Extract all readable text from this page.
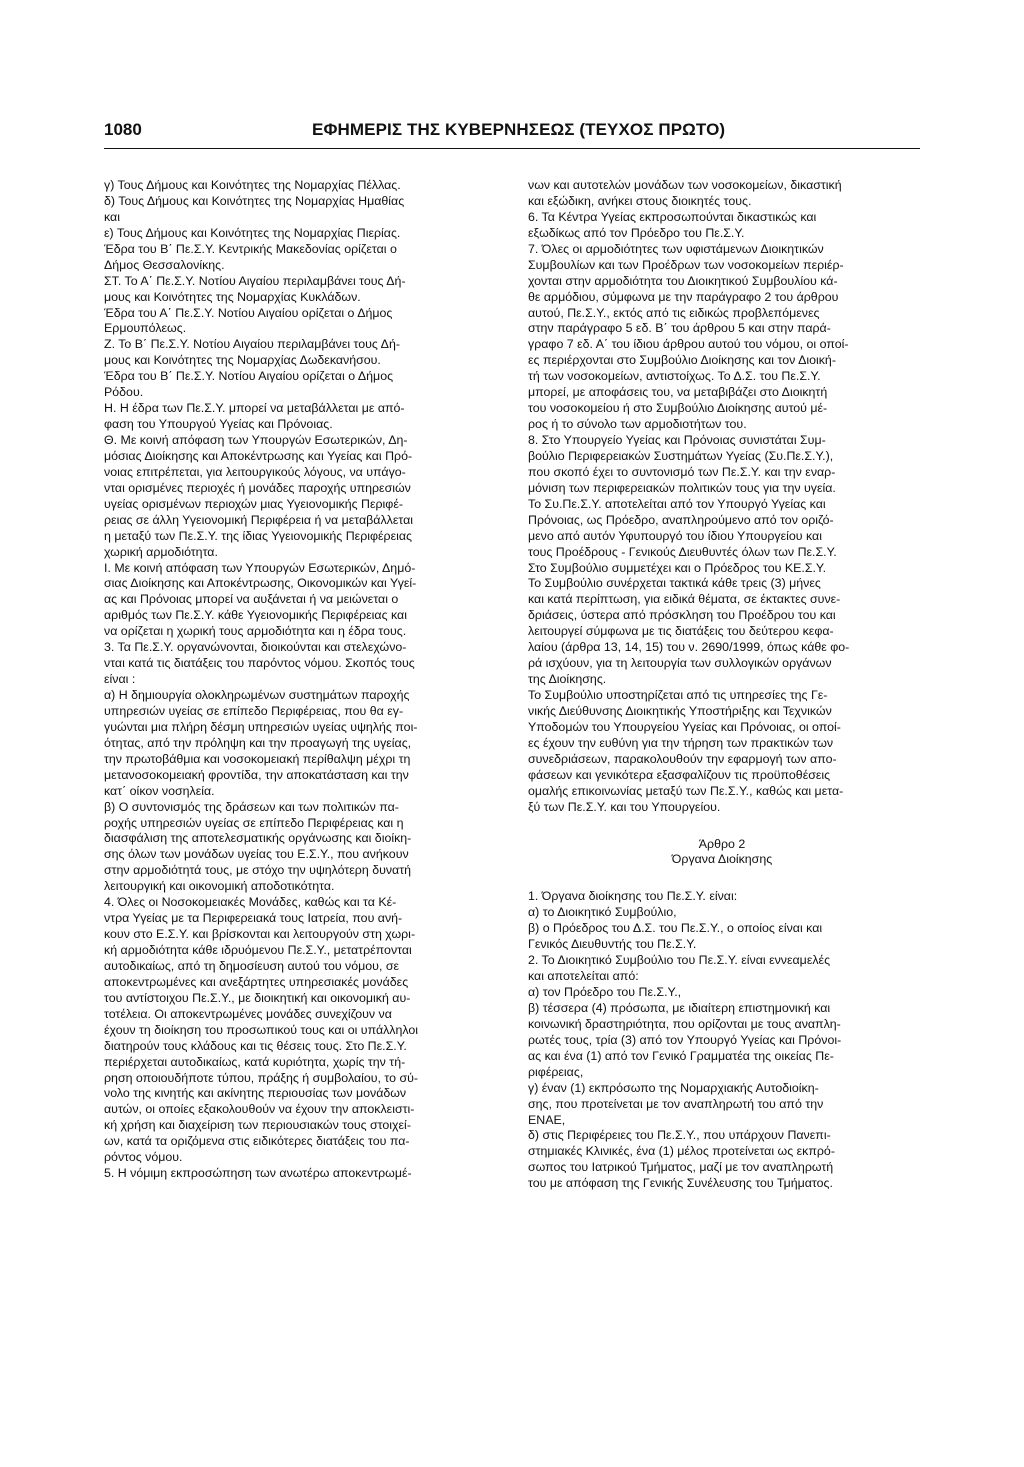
1080	ΕΦΗΜΕΡΙΣ ΤΗΣ ΚΥΒΕΡΝΗΣΕΩΣ (ΤΕΥΧΟΣ ΠΡΩΤΟ)
γ) Τους Δήμους και Κοινότητες της Νομαρχίας Πέλλας.
δ) Τους Δήμους και Κοινότητες της Νομαρχίας Ημαθίας
και
ε) Τους Δήμους και Κοινότητες της Νομαρχίας Πιερίας.
Έδρα του Β΄ Πε.Σ.Υ. Κεντρικής Μακεδονίας ορίζεται ο
Δήμος Θεσσαλονίκης.
ΣΤ. Το Α΄ Πε.Σ.Υ. Νοτίου Αιγαίου περιλαμβάνει τους Δή-
μους και Κοινότητες της Νομαρχίας Κυκλάδων.
Έδρα του Α΄ Πε.Σ.Υ. Νοτίου Αιγαίου ορίζεται ο Δήμος
Ερμουπόλεως.
Ζ. Το Β΄ Πε.Σ.Υ. Νοτίου Αιγαίου περιλαμβάνει τους Δή-
μους και Κοινότητες της Νομαρχίας Δωδεκανήσου.
Έδρα του Β΄ Πε.Σ.Υ. Νοτίου Αιγαίου ορίζεται ο Δήμος
Ρόδου.
Η. Η έδρα των Πε.Σ.Υ. μπορεί να μεταβάλλεται με από-
φαση του Υπουργού Υγείας και Πρόνοιας.
Θ. Με κοινή απόφαση των Υπουργών Εσωτερικών, Δη-
μόσιας Διοίκησης και Αποκέντρωσης και Υγείας και Πρό-
νοιας επιτρέπεται, για λειτουργικούς λόγους, να υπάγο-
νται ορισμένες περιοχές ή μονάδες παροχής υπηρεσιών
υγείας ορισμένων περιοχών μιας Υγειονομικής Περιφέ-
ρειας σε άλλη Υγειονομική Περιφέρεια ή να μεταβάλλεται
η μεταξύ των Πε.Σ.Υ. της ίδιας Υγειονομικής Περιφέρειας
χωρική αρμοδιότητα.
Ι. Με κοινή απόφαση των Υπουργών Εσωτερικών, Δημό-
σιας Διοίκησης και Αποκέντρωσης, Οικονομικών και Υγεί-
ας και Πρόνοιας μπορεί να αυξάνεται ή να μειώνεται ο
αριθμός των Πε.Σ.Υ. κάθε Υγειονομικής Περιφέρειας και
να ορίζεται η χωρική τους αρμοδιότητα και η έδρα τους.
3. Τα Πε.Σ.Υ. οργανώνονται, διοικούνται και στελεχώνο-
νται κατά τις διατάξεις του παρόντος νόμου. Σκοπός τους
είναι :
α) Η δημιουργία ολοκληρωμένων συστημάτων παροχής
υπηρεσιών υγείας σε επίπεδο Περιφέρειας, που θα εγ-
γυώνται μια πλήρη δέσμη υπηρεσιών υγείας υψηλής ποι-
ότητας, από την πρόληψη και την προαγωγή της υγείας,
την πρωτοβάθμια και νοσοκομειακή περίθαλψη μέχρι τη
μετανοσοκομειακή φροντίδα, την αποκατάσταση και την
κατ΄ οίκον νοσηλεία.
β) Ο συντονισμός της δράσεων και των πολιτικών πα-
ροχής υπηρεσιών υγείας σε επίπεδο Περιφέρειας και η
διασφάλιση της αποτελεσματικής οργάνωσης και διοίκη-
σης όλων των μονάδων υγείας του Ε.Σ.Υ., που ανήκουν
στην αρμοδιότητά τους, με στόχο την υψηλότερη δυνατή
λειτουργική και οικονομική αποδοτικότητα.
4. Όλες οι Νοσοκομειακές Μονάδες, καθώς και τα Κέ-
ντρα Υγείας με τα Περιφερειακά τους Ιατρεία, που ανή-
κουν στο Ε.Σ.Υ. και βρίσκονται και λειτουργούν στη χωρι-
κή αρμοδιότητα κάθε ιδρυόμενου Πε.Σ.Υ., μετατρέπονται
αυτοδικαίως, από τη δημοσίευση αυτού του νόμου, σε
αποκεντρωμένες και ανεξάρτητες υπηρεσιακές μονάδες
του αντίστοιχου Πε.Σ.Υ., με διοικητική και οικονομική αυ-
τοτέλεια. Οι αποκεντρωμένες μονάδες συνεχίζουν να
έχουν τη διοίκηση του προσωπικού τους και οι υπάλληλοι
διατηρούν τους κλάδους και τις θέσεις τους. Στο Πε.Σ.Υ.
περιέρχεται αυτοδικαίως, κατά κυριότητα, χωρίς την τή-
ρηση οποιουδήποτε τύπου, πράξης ή συμβολαίου, το σύ-
νολο της κινητής και ακίνητης περιουσίας των μονάδων
αυτών, οι οποίες εξακολουθούν να έχουν την αποκλειστι-
κή χρήση και διαχείριση των περιουσιακών τους στοιχεί-
ων, κατά τα οριζόμενα στις ειδικότερες διατάξεις του πα-
ρόντος νόμου.
5. Η νόμιμη εκπροσώπηση των ανωτέρω αποκεντρωμέ-
νων και αυτοτελών μονάδων των νοσοκομείων, δικαστική
και εξώδικη, ανήκει στους διοικητές τους.
6. Τα Κέντρα Υγείας εκπροσωπούνται δικαστικώς και
εξωδίκως από τον Πρόεδρο του Πε.Σ.Υ.
7. Όλες οι αρμοδιότητες των υφιστάμενων Διοικητικών
Συμβουλίων και των Προέδρων των νοσοκομείων περιέρ-
χονται στην αρμοδιότητα του Διοικητικού Συμβουλίου κά-
θε αρμόδιου, σύμφωνα με την παράγραφο 2 του άρθρου
αυτού, Πε.Σ.Υ., εκτός από τις ειδικώς προβλεπόμενες
στην παράγραφο 5 εδ. Β΄ του άρθρου 5 και στην παρά-
γραφο 7 εδ. Α΄ του ίδιου άρθρου αυτού του νόμου, οι οποί-
ες περιέρχονται στο Συμβούλιο Διοίκησης και τον Διοική-
τή των νοσοκομείων, αντιστοίχως. Το Δ.Σ. του Πε.Σ.Υ.
μπορεί, με αποφάσεις του, να μεταβιβάζει στο Διοικητή
του νοσοκομείου ή στο Συμβούλιο Διοίκησης αυτού μέ-
ρος ή το σύνολο των αρμοδιοτήτων του.
8. Στο Υπουργείο Υγείας και Πρόνοιας συνιστάται Συμ-
βούλιο Περιφερειακών Συστημάτων Υγείας (Συ.Πε.Σ.Υ.),
που σκοπό έχει το συντονισμό των Πε.Σ.Υ. και την εναρ-
μόνιση των περιφερειακών πολιτικών τους για την υγεία.
Το Συ.Πε.Σ.Υ. αποτελείται από τον Υπουργό Υγείας και
Πρόνοιας, ως Πρόεδρο, αναπληρούμενο από τον οριζό-
μενο από αυτόν Υφυπουργό του ίδιου Υπουργείου και
τους Προέδρους - Γενικούς Διευθυντές όλων των Πε.Σ.Υ.
Στο Συμβούλιο συμμετέχει και ο Πρόεδρος του ΚΕ.Σ.Υ.
Το Συμβούλιο συνέρχεται τακτικά κάθε τρεις (3) μήνες
και κατά περίπτωση, για ειδικά θέματα, σε έκτακτες συνε-
δριάσεις, ύστερα από πρόσκληση του Προέδρου του και
λειτουργεί σύμφωνα με τις διατάξεις του δεύτερου κεφα-
λαίου (άρθρα 13, 14, 15) του ν. 2690/1999, όπως κάθε φο-
ρά ισχύουν, για τη λειτουργία των συλλογικών οργάνων
της Διοίκησης.
Το Συμβούλιο υποστηρίζεται από τις υπηρεσίες της Γε-
νικής Διεύθυνσης Διοικητικής Υποστήριξης και Τεχνικών
Υποδομών του Υπουργείου Υγείας και Πρόνοιας, οι οποί-
ες έχουν την ευθύνη για την τήρηση των πρακτικών των
συνεδριάσεων, παρακολουθούν την εφαρμογή των απο-
φάσεων και γενικότερα εξασφαλίζουν τις προϋποθέσεις
ομαλής επικοινωνίας μεταξύ των Πε.Σ.Υ., καθώς και μετα-
ξύ των Πε.Σ.Υ. και του Υπουργείου.
Άρθρο 2
Όργανα Διοίκησης
1. Όργανα διοίκησης του Πε.Σ.Υ. είναι:
α) το Διοικητικό Συμβούλιο,
β) ο Πρόεδρος του Δ.Σ. του Πε.Σ.Υ., ο οποίος είναι και
Γενικός Διευθυντής του Πε.Σ.Υ.
2. Το Διοικητικό Συμβούλιο του Πε.Σ.Υ. είναι εννεαμελές
και αποτελείται από:
α) τον Πρόεδρο του Πε.Σ.Υ.,
β) τέσσερα (4) πρόσωπα, με ιδιαίτερη επιστημονική και
κοινωνική δραστηριότητα, που ορίζονται με τους αναπλη-
ρωτές τους, τρία (3) από τον Υπουργό Υγείας και Πρόνοι-
ας και ένα (1) από τον Γενικό Γραμματέα της οικείας Πε-
ριφέρειας,
γ) έναν (1) εκπρόσωπο της Νομαρχιακής Αυτοδιοίκη-
σης, που προτείνεται με τον αναπληρωτή του από την
ΕΝΑΕ,
δ) στις Περιφέρειες του Πε.Σ.Υ., που υπάρχουν Πανεπι-
στημιακές Κλινικές, ένα (1) μέλος προτείνεται ως εκπρό-
σωπος του Ιατρικού Τμήματος, μαζί με τον αναπληρωτή
του με απόφαση της Γενικής Συνέλευσης του Τμήματος.
